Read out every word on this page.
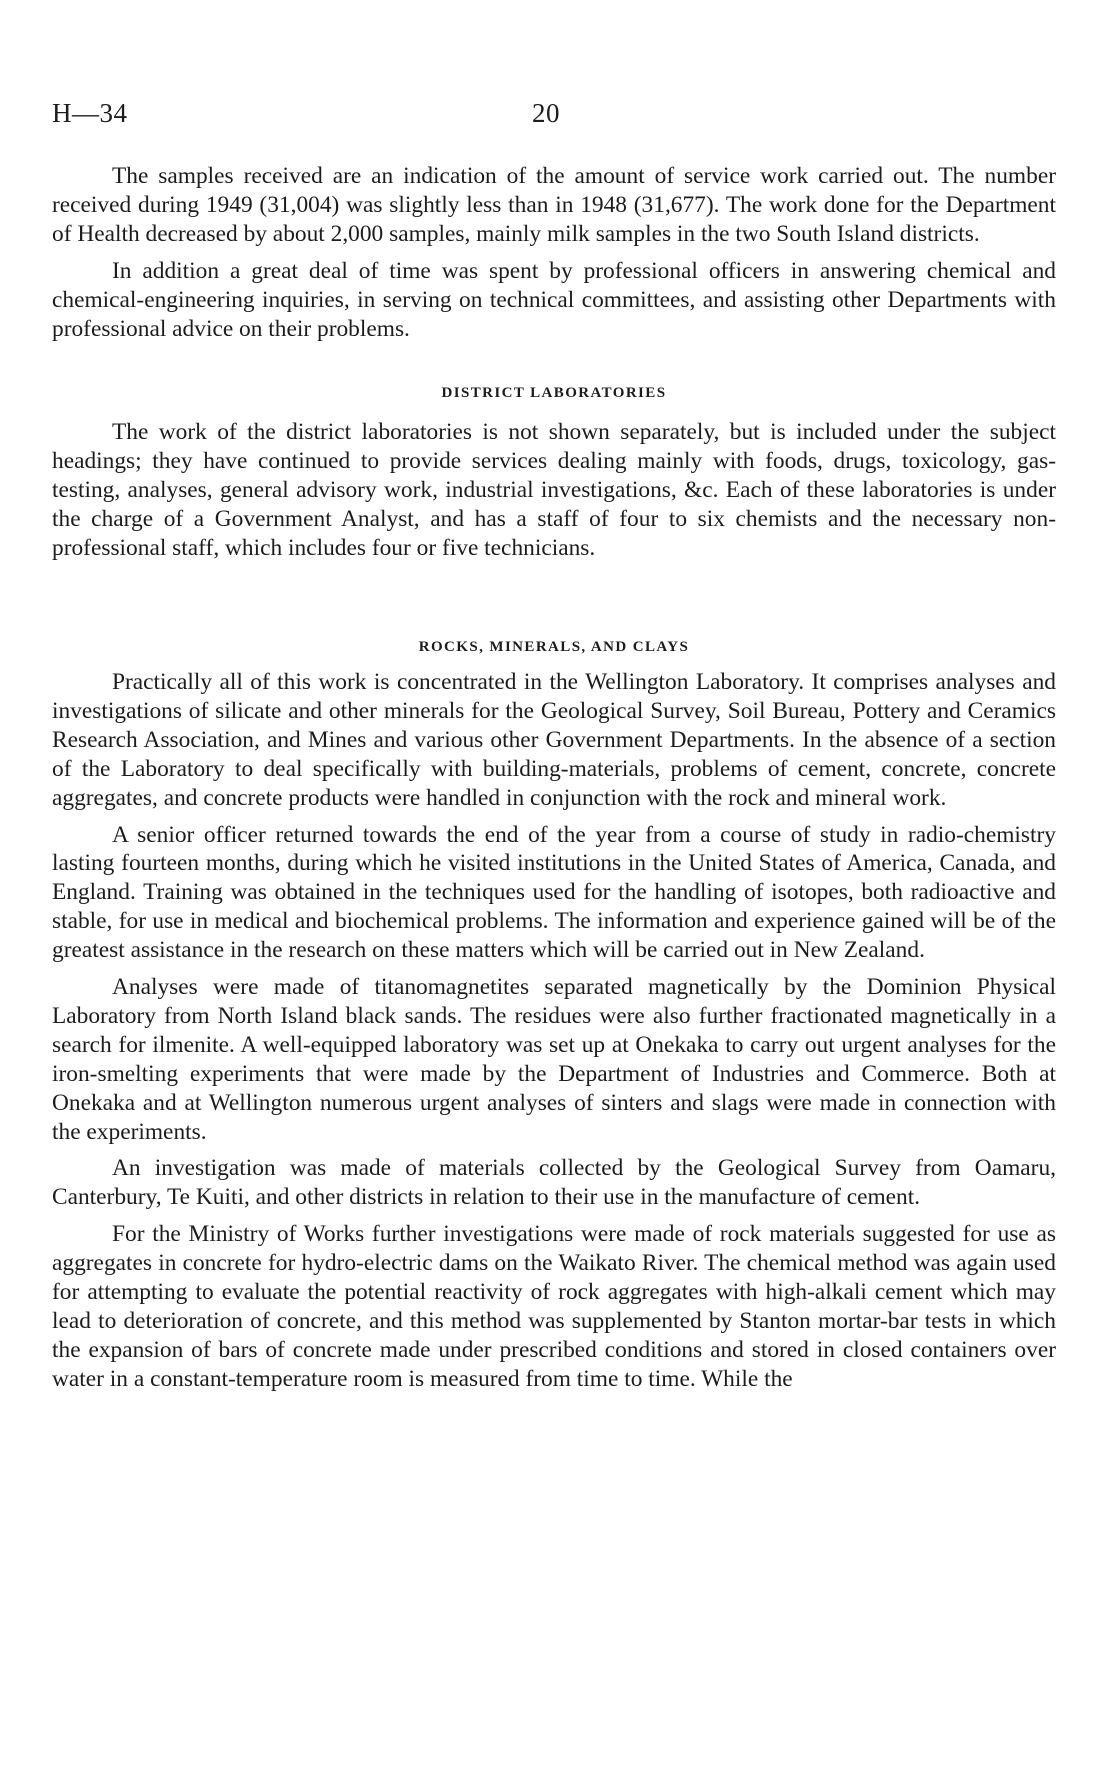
H—34	20

The samples received are an indication of the amount of service work carried out. The number received during 1949 (31,004) was slightly less than in 1948 (31,677). The work done for the Department of Health decreased by about 2,000 samples, mainly milk samples in the two South Island districts.

In addition a great deal of time was spent by professional officers in answering chemical and chemical-engineering inquiries, in serving on technical committees, and assisting other Departments with professional advice on their problems.

DISTRICT LABORATORIES

The work of the district laboratories is not shown separately, but is included under the subject headings; they have continued to provide services dealing mainly with foods, drugs, toxicology, gas-testing, analyses, general advisory work, industrial investigations, &c. Each of these laboratories is under the charge of a Government Analyst, and has a staff of four to six chemists and the necessary non-professional staff, which includes four or five technicians.

ROCKS, MINERALS, AND CLAYS

Practically all of this work is concentrated in the Wellington Laboratory. It comprises analyses and investigations of silicate and other minerals for the Geological Survey, Soil Bureau, Pottery and Ceramics Research Association, and Mines and various other Government Departments. In the absence of a section of the Laboratory to deal specifically with building-materials, problems of cement, concrete, concrete aggregates, and concrete products were handled in conjunction with the rock and mineral work.

A senior officer returned towards the end of the year from a course of study in radio-chemistry lasting fourteen months, during which he visited institutions in the United States of America, Canada, and England. Training was obtained in the techniques used for the handling of isotopes, both radioactive and stable, for use in medical and biochemical problems. The information and experience gained will be of the greatest assistance in the research on these matters which will be carried out in New Zealand.

Analyses were made of titanomagnetites separated magnetically by the Dominion Physical Laboratory from North Island black sands. The residues were also further fractionated magnetically in a search for ilmenite. A well-equipped laboratory was set up at Onekaka to carry out urgent analyses for the iron-smelting experiments that were made by the Department of Industries and Commerce. Both at Onekaka and at Wellington numerous urgent analyses of sinters and slags were made in connection with the experiments.

An investigation was made of materials collected by the Geological Survey from Oamaru, Canterbury, Te Kuiti, and other districts in relation to their use in the manufacture of cement.

For the Ministry of Works further investigations were made of rock materials suggested for use as aggregates in concrete for hydro-electric dams on the Waikato River. The chemical method was again used for attempting to evaluate the potential reactivity of rock aggregates with high-alkali cement which may lead to deterioration of concrete, and this method was supplemented by Stanton mortar-bar tests in which the expansion of bars of concrete made under prescribed conditions and stored in closed containers over water in a constant-temperature room is measured from time to time. While the
